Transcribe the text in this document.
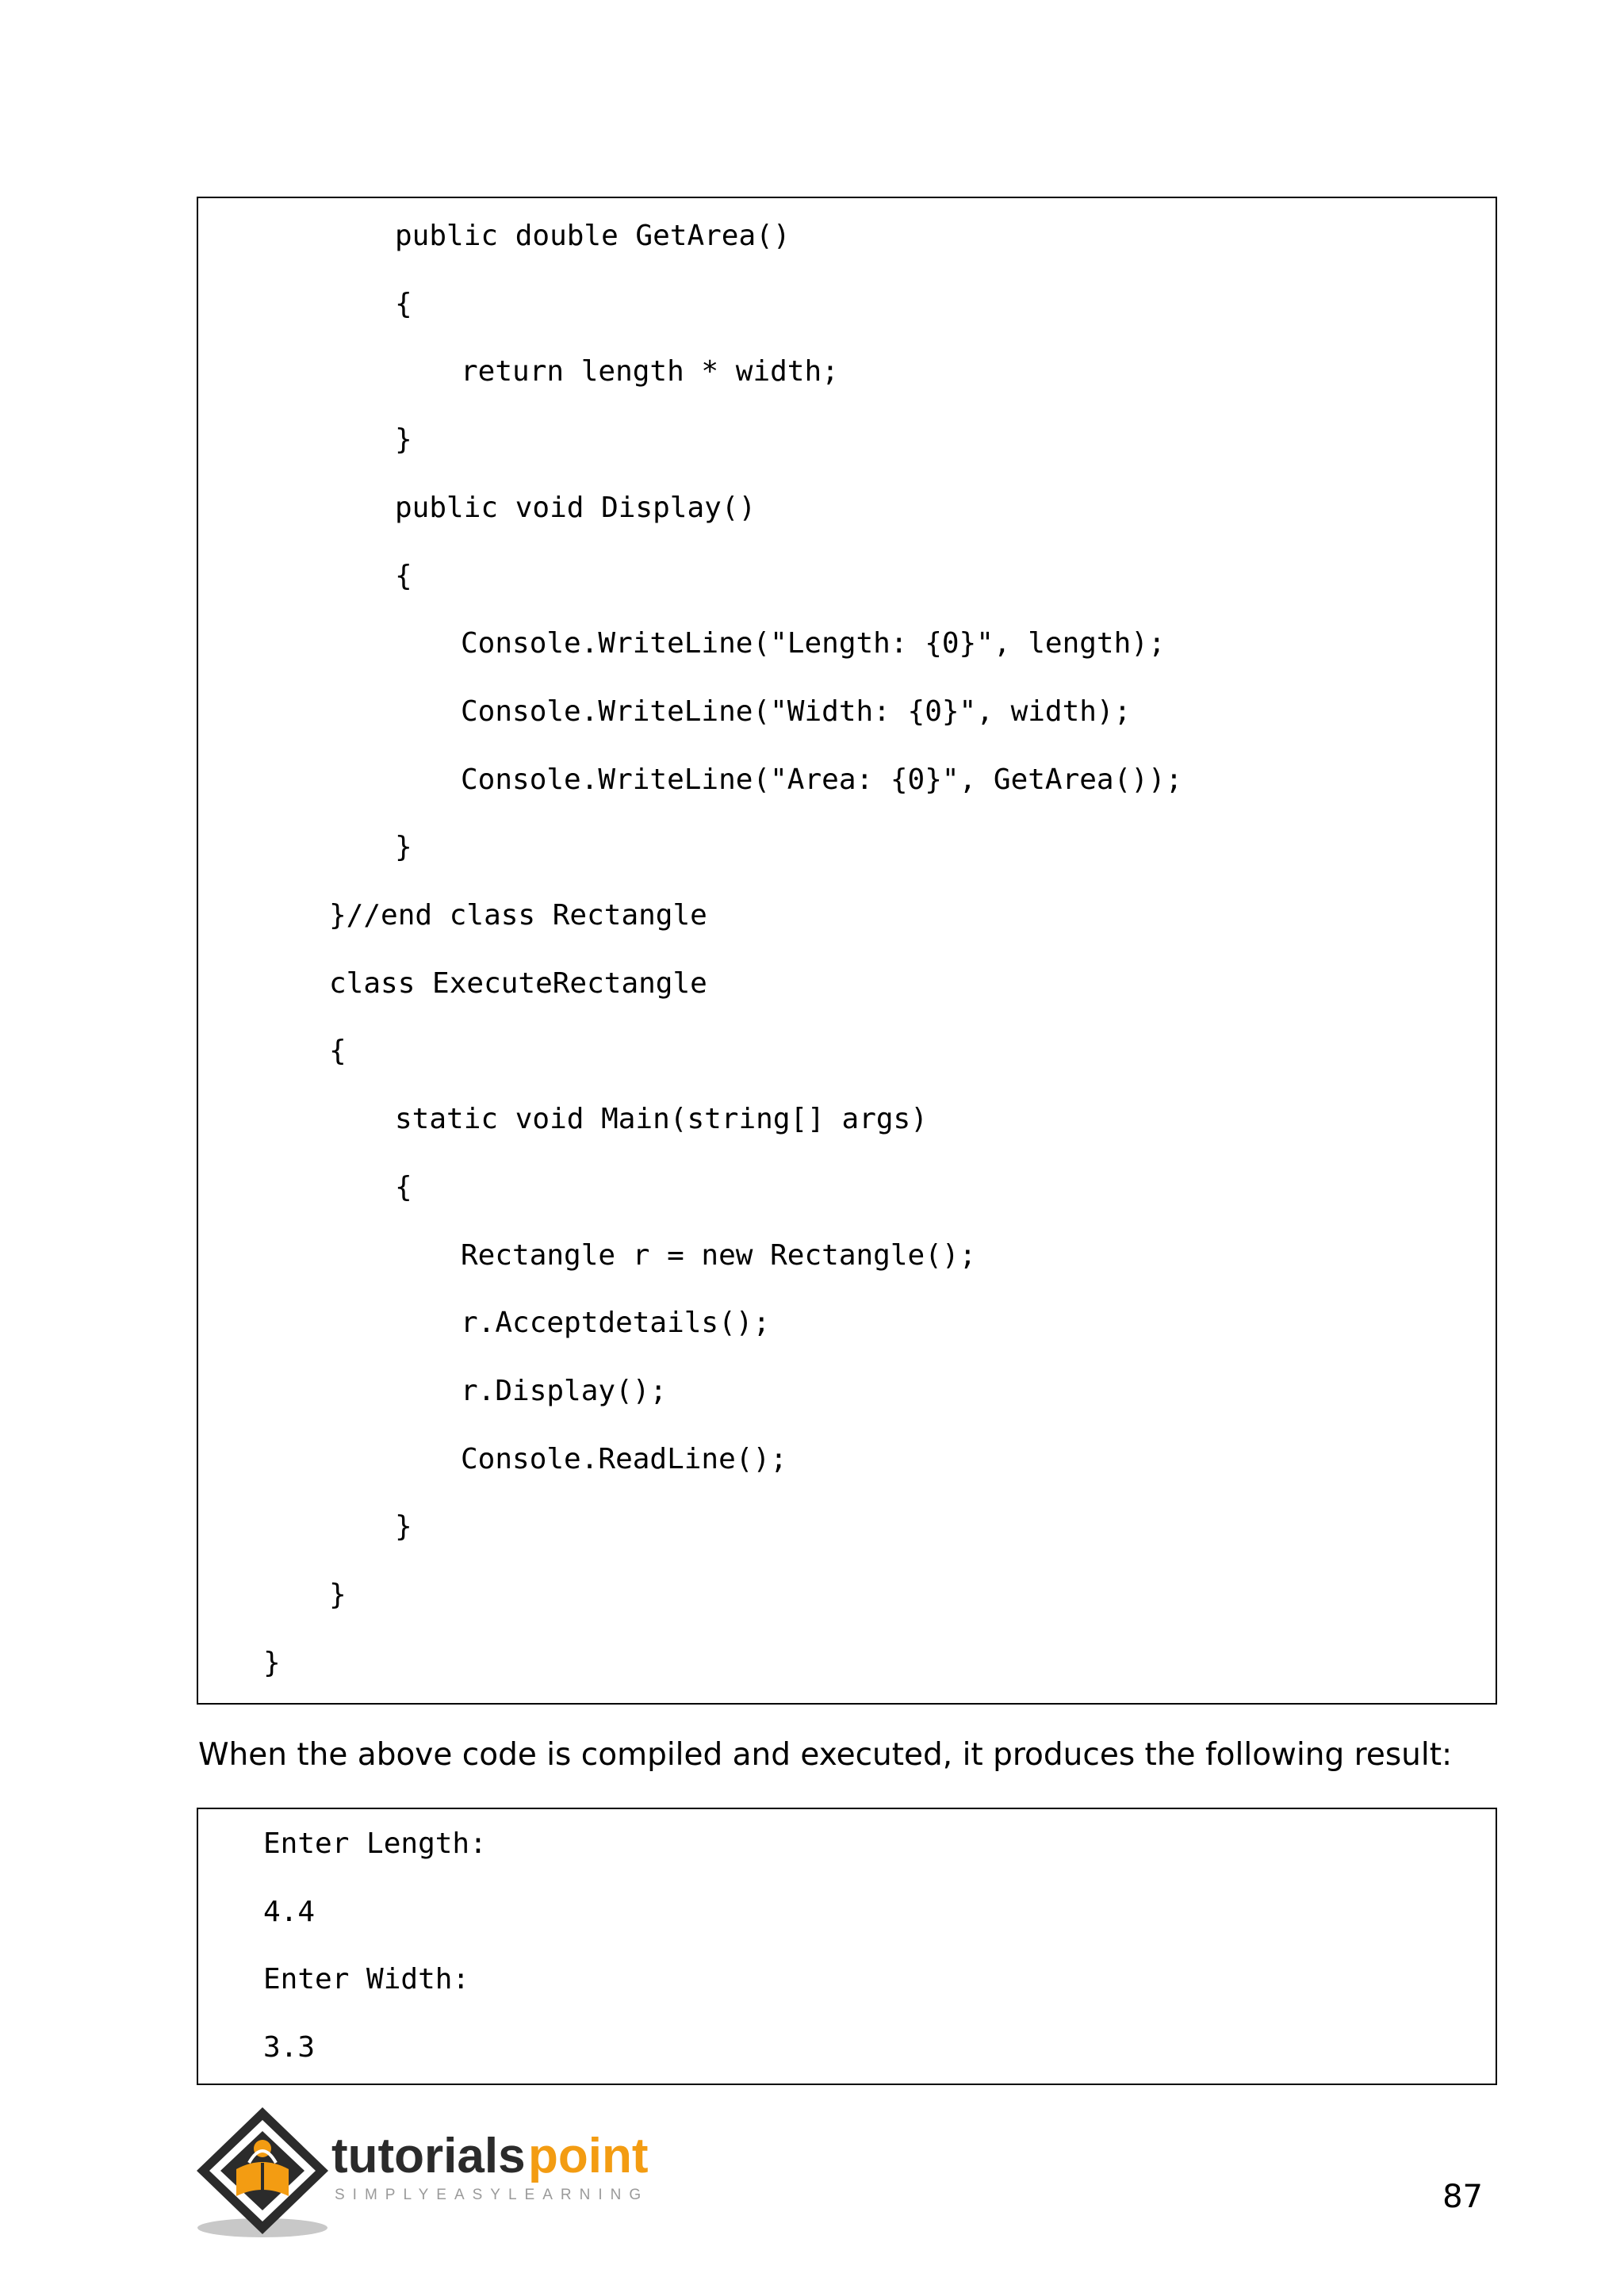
public double GetArea()
{
return length * width;
}
public void Display()
{
Console.WriteLine("Length: {0}", length);
Console.WriteLine("Width: {0}", width);
Console.WriteLine("Area: {0}", GetArea());
}
}//end class Rectangle
class ExecuteRectangle
{
static void Main(string[] args)
{
Rectangle r = new Rectangle();
r.Acceptdetails();
r.Display();
Console.ReadLine();
}
}
}
When the above code is compiled and executed, it produces the following result:
Enter Length:
4.4
Enter Width:
3.3
tutorials point
SIMPLYEASYLEARNING	87
